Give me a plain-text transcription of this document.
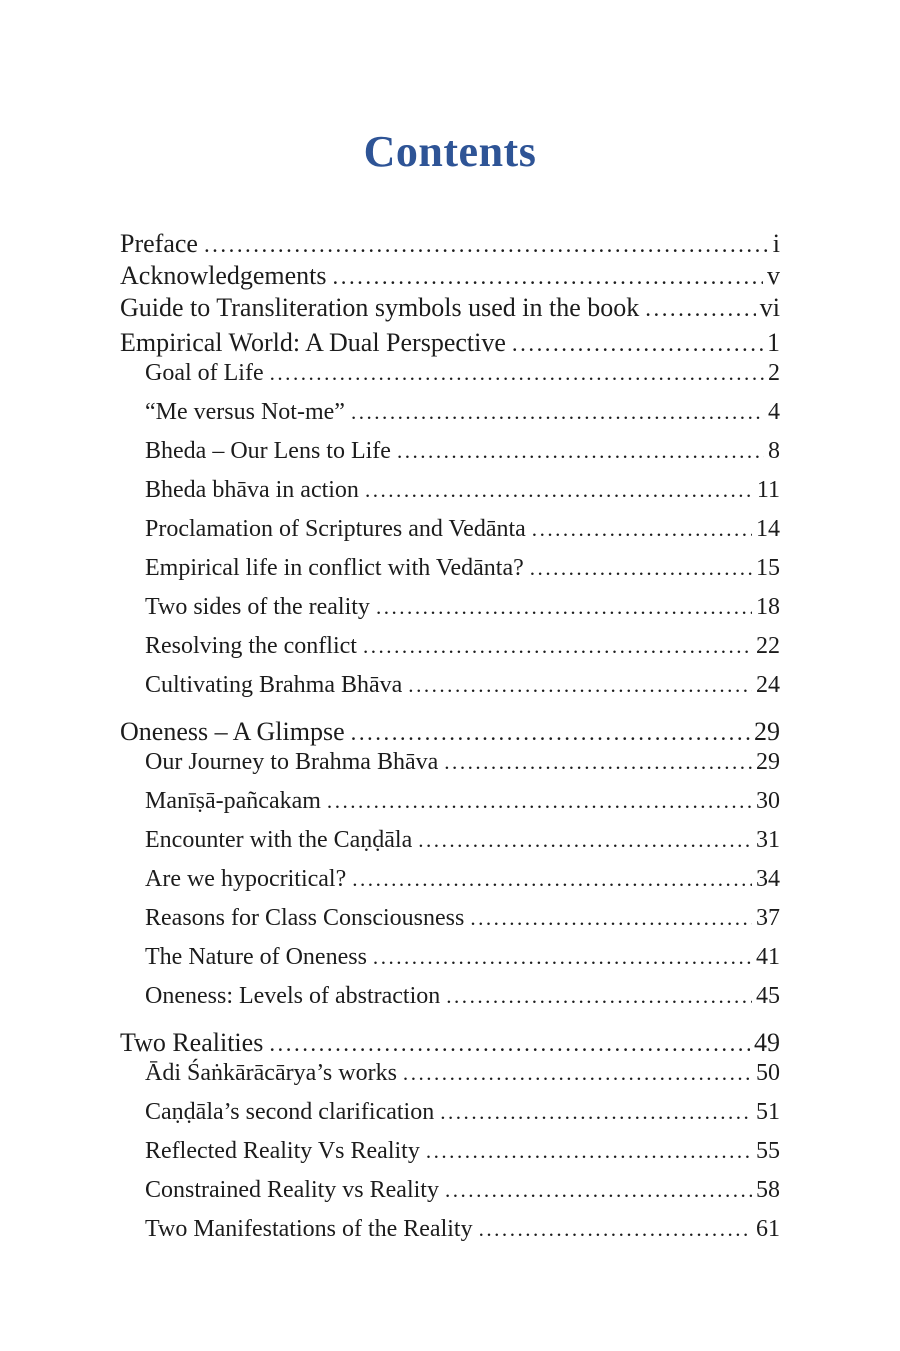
Contents
Preface .....	i
Acknowledgements .....	v
Guide to Transliteration symbols used in the book .....	vi
Empirical World: A Dual Perspective .....	1
Goal of Life .....	2
“Me versus Not-me” .....	4
Bheda – Our Lens to Life .....	8
Bheda bhāva in action .....	11
Proclamation of Scriptures and Vedānta .....	14
Empirical life in conflict with Vedānta? .....	15
Two sides of the reality .....	18
Resolving the conflict .....	22
Cultivating Brahma Bhāva .....	24
Oneness – A Glimpse .....	29
Our Journey to Brahma Bhāva .....	29
Manīṣā-pañcakam .....	30
Encounter with the Caṇḍāla .....	31
Are we hypocritical? .....	34
Reasons for Class Consciousness .....	37
The Nature of Oneness .....	41
Oneness: Levels of abstraction .....	45
Two Realities .....	49
Ādi Śaṅkārācārya’s works .....	50
Caṇḍāla’s second clarification .....	51
Reflected Reality Vs Reality .....	55
Constrained Reality vs Reality .....	58
Two Manifestations of the Reality .....	61
